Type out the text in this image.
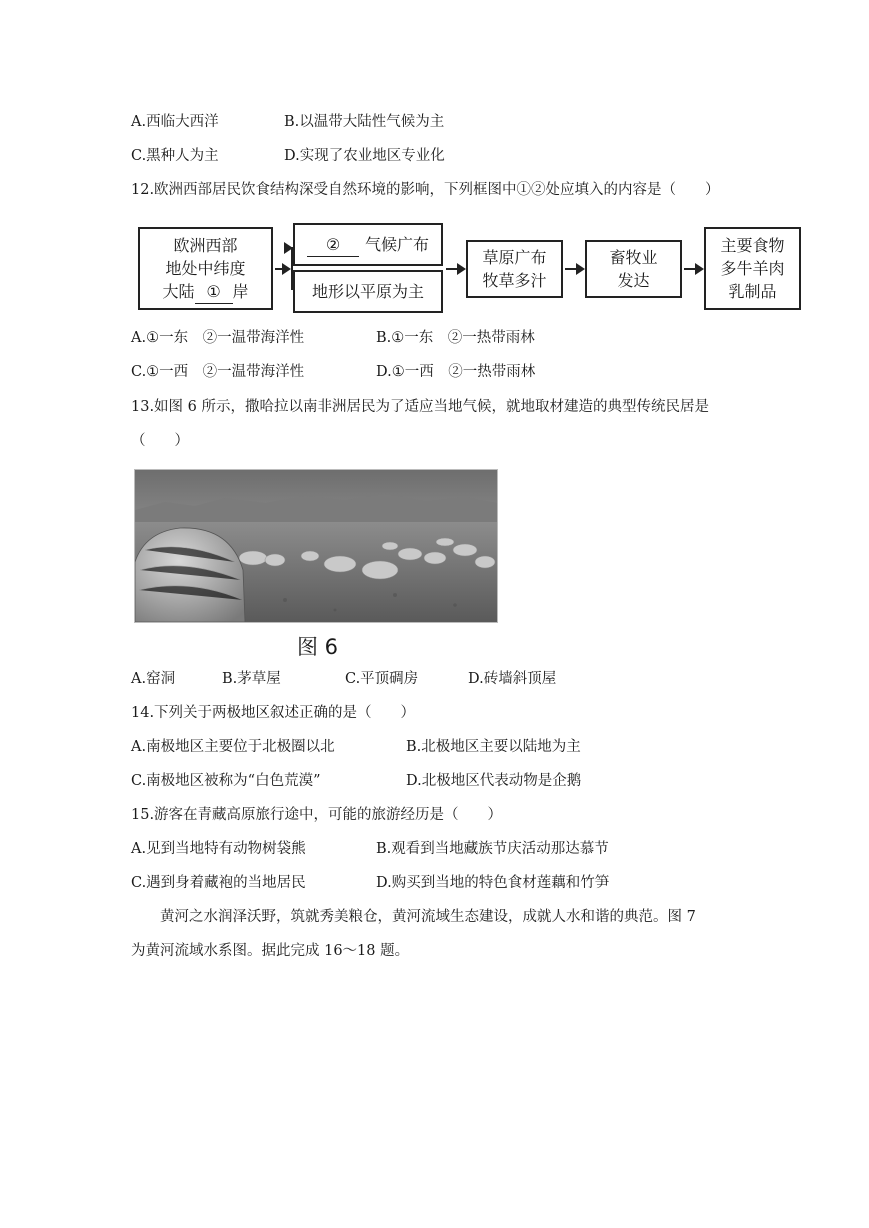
A.西临大西洋	B.以温带大陆性气候为主
C.黑种人为主	D.实现了农业地区专业化
12.欧洲西部居民饮食结构深受自然环境的影响，下列框图中①②处应填入的内容是（　　）
欧洲西部
地处中纬度
大陆 ① 岸
②	气候广布
地形以平原为主
草原广布
牧草多汁
畜牧业
发达
主要食物
多牛羊肉
乳制品
A.①一东　②一温带海洋性	B.①一东　②一热带雨林
C.①一西　②一温带海洋性	D.①一西　②一热带雨林
13.如图 6 所示，撒哈拉以南非洲居民为了适应当地气候，就地取材建造的典型传统民居是
（　　）
图 6
A.窑洞	B.茅草屋	C.平顶碉房	D.砖墙斜顶屋
14.下列关于两极地区叙述正确的是（　　）
A.南极地区主要位于北极圈以北	B.北极地区主要以陆地为主
C.南极地区被称为“白色荒漠”	D.北极地区代表动物是企鹅
15.游客在青藏高原旅行途中，可能的旅游经历是（　　）
A.见到当地特有动物树袋熊	B.观看到当地藏族节庆活动那达慕节
C.遇到身着藏袍的当地居民	D.购买到当地的特色食材莲藕和竹笋
黄河之水润泽沃野，筑就秀美粮仓，黄河流域生态建设，成就人水和谐的典范。图 7
为黄河流域水系图。据此完成 16～18 题。
